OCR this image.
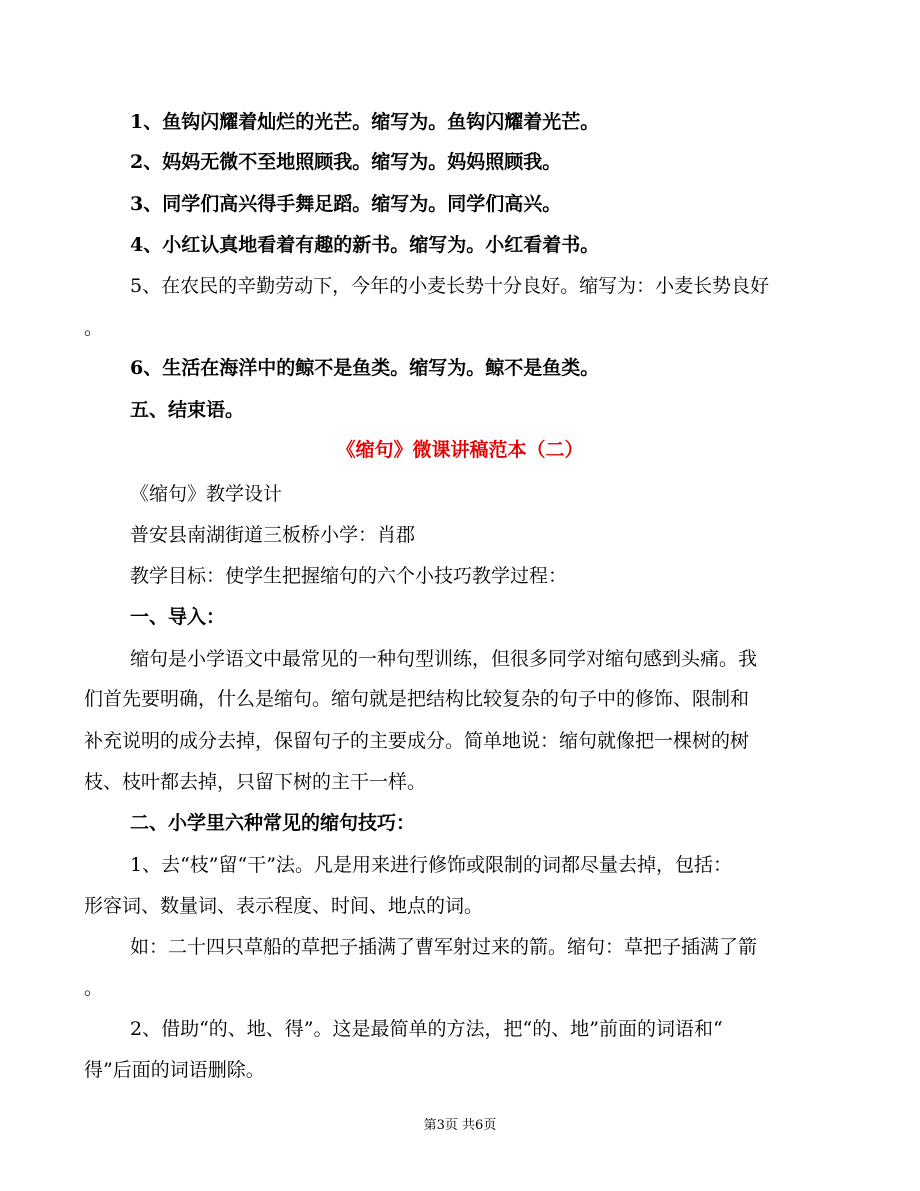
1、鱼钩闪耀着灿烂的光芒。缩写为。鱼钩闪耀着光芒。
2、妈妈无微不至地照顾我。缩写为。妈妈照顾我。
3、同学们高兴得手舞足蹈。缩写为。同学们高兴。
4、小红认真地看着有趣的新书。缩写为。小红看着书。
5、在农民的辛勤劳动下，今年的小麦长势十分良好。缩写为：小麦长势良好
。
6、生活在海洋中的鲸不是鱼类。缩写为。鲸不是鱼类。
五、结束语。
《缩句》微课讲稿范本（二）
《缩句》教学设计
普安县南湖街道三板桥小学：肖郡
教学目标：使学生把握缩句的六个小技巧教学过程：
一、导入：
缩句是小学语文中最常见的一种句型训练，但很多同学对缩句感到头痛。我
们首先要明确，什么是缩句。缩句就是把结构比较复杂的句子中的修饰、限制和
补充说明的成分去掉，保留句子的主要成分。简单地说：缩句就像把一棵树的树
枝、枝叶都去掉，只留下树的主干一样。
二、小学里六种常见的缩句技巧：
1、去“枝”留“干”法。凡是用来进行修饰或限制的词都尽量去掉，包括：
形容词、数量词、表示程度、时间、地点的词。
如：二十四只草船的草把子插满了曹军射过来的箭。缩句：草把子插满了箭
。
2、借助“的、地、得”。这是最简单的方法，把“的、地”前面的词语和“
得”后面的词语删除。
第3页 共6页
